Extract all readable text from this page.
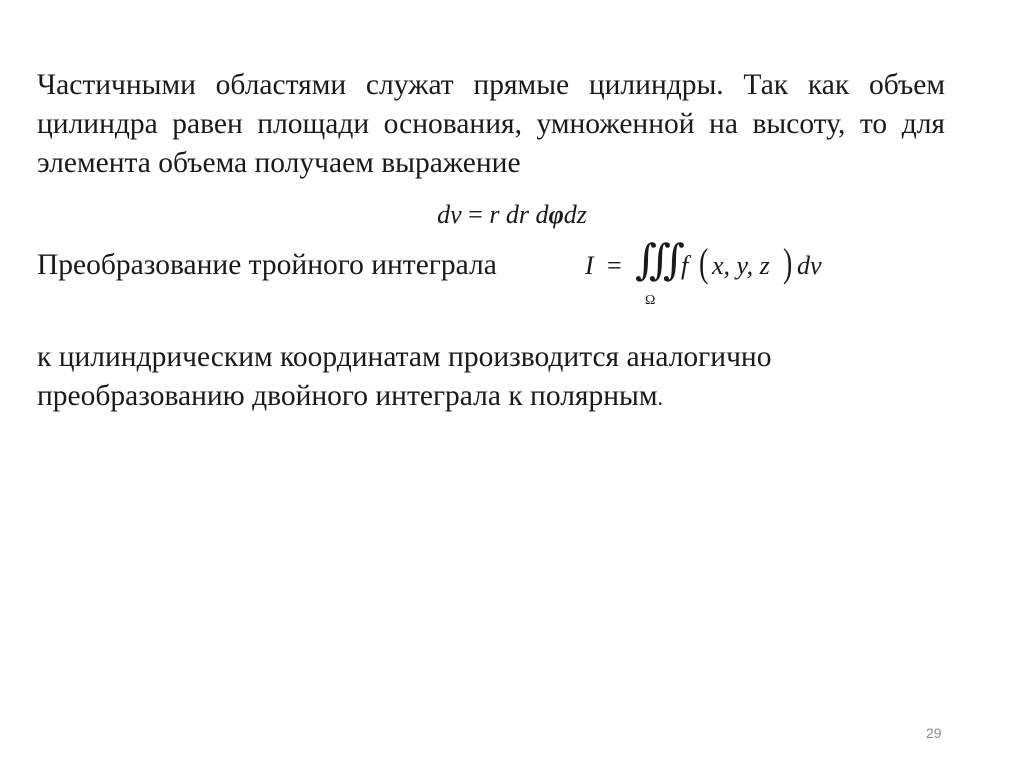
Частичными областями служат прямые цилиндры. Так как объем цилиндра равен площади основания, умноженной на высоту, то для элемента объема получаем выражение

dv = r dr dφdz
Преобразование тройного интеграла	I = ∭
Ω
f ( x, y, z ) dv
к цилиндрическим координатам производится аналогично
преобразованию двойного интеграла к полярным.
29
